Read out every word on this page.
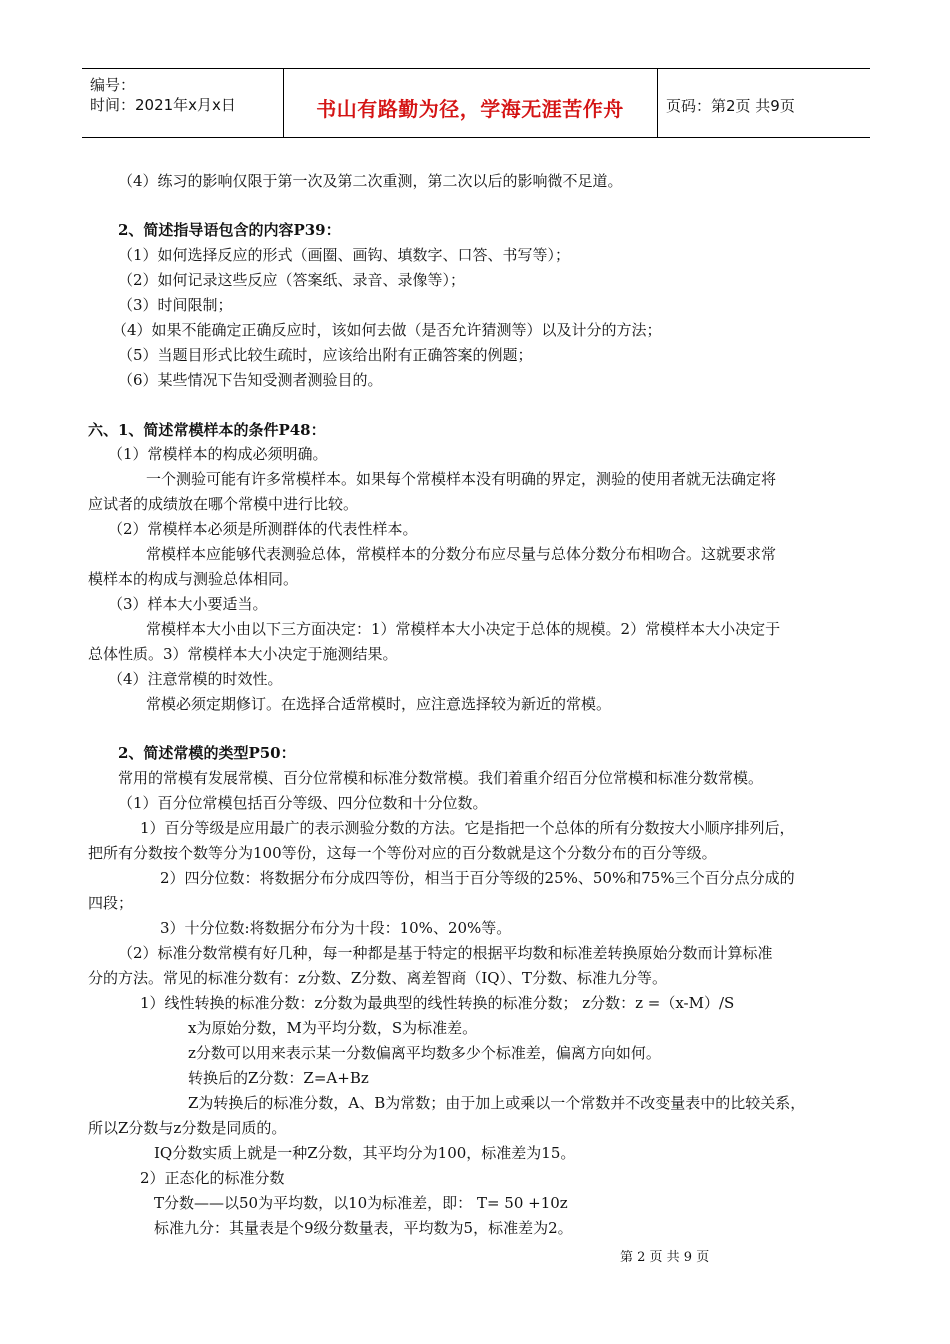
编号：
时间：2021年x月x日	书山有路勤为径，学海无涯苦作舟	页码：第2页 共9页
（4）练习的影响仅限于第一次及第二次重测，第二次以后的影响微不足道。
2、简述指导语包含的内容P39：
（1）如何选择反应的形式（画圈、画钩、填数字、口答、书写等）；
（2）如何记录这些反应（答案纸、录音、录像等）；
（3）时间限制；
（4）如果不能确定正确反应时，该如何去做（是否允许猜测等）以及计分的方法；
（5）当题目形式比较生疏时，应该给出附有正确答案的例题；
（6）某些情况下告知受测者测验目的。
六、1、简述常模样本的条件P48：
（1）常模样本的构成必须明确。
一个测验可能有许多常模样本。如果每个常模样本没有明确的界定，测验的使用者就无法确定将
应试者的成绩放在哪个常模中进行比较。
（2）常模样本必须是所测群体的代表性样本。
常模样本应能够代表测验总体，常模样本的分数分布应尽量与总体分数分布相吻合。这就要求常
模样本的构成与测验总体相同。
（3）样本大小要适当。
常模样本大小由以下三方面决定：1）常模样本大小决定于总体的规模。2）常模样本大小决定于
总体性质。3）常模样本大小决定于施测结果。
（4）注意常模的时效性。
常模必须定期修订。在选择合适常模时，应注意选择较为新近的常模。
2、简述常模的类型P50：
常用的常模有发展常模、百分位常模和标准分数常模。我们着重介绍百分位常模和标准分数常模。
（1）百分位常模包括百分等级、四分位数和十分位数。
1）百分等级是应用最广的表示测验分数的方法。它是指把一个总体的所有分数按大小顺序排列后，
把所有分数按个数等分为100等份，这每一个等份对应的百分数就是这个分数分布的百分等级。
2）四分位数：将数据分布分成四等份，相当于百分等级的25%、50%和75%三个百分点分成的
四段；
3）十分位数:将数据分布分为十段：10%、20%等。
（2）标准分数常模有好几种，每一种都是基于特定的根据平均数和标准差转换原始分数而计算标准
分的方法。常见的标准分数有：z分数、Z分数、离差智商（IQ）、T分数、标准九分等。
1）线性转换的标准分数：z分数为最典型的线性转换的标准分数； z分数：z =（x-M）/S
x为原始分数，M为平均分数，S为标准差。
z分数可以用来表示某一分数偏离平均数多少个标准差，偏离方向如何。
转换后的Z分数：Z=A+Bz
Z为转换后的标准分数，A、B为常数；由于加上或乘以一个常数并不改变量表中的比较关系，
所以Z分数与z分数是同质的。
IQ分数实质上就是一种Z分数，其平均分为100，标准差为15。
2）正态化的标准分数
T分数——以50为平均数，以10为标准差，即： T= 50 +10z
标准九分：其量表是个9级分数量表，平均数为5，标准差为2。
第 2 页 共 9 页
